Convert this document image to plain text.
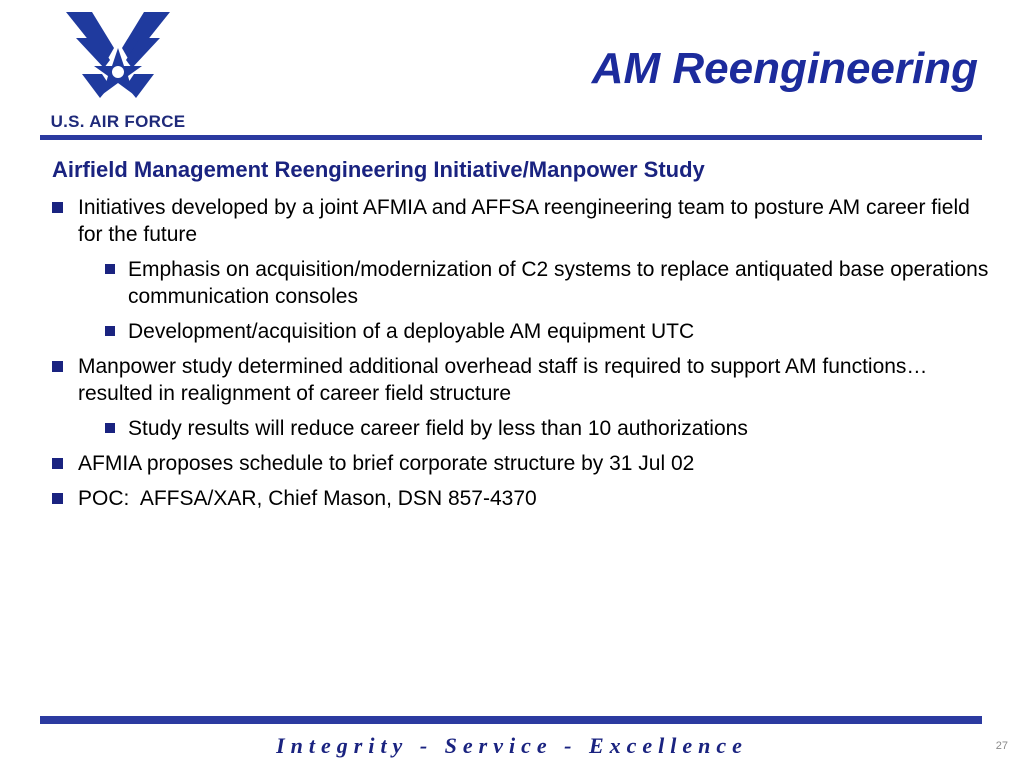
U.S. AIR FORCE
AM Reengineering
Airfield Management Reengineering Initiative/Manpower Study
Initiatives developed by a joint AFMIA and AFFSA reengineering team to posture AM career field for the future
Emphasis on acquisition/modernization of C2 systems to replace antiquated base operations communication consoles
Development/acquisition of a deployable AM equipment UTC
Manpower study determined additional overhead staff is required to support AM functions…resulted in realignment of career field structure
Study results will reduce career field by less than 10 authorizations
AFMIA proposes schedule to brief corporate structure by 31 Jul 02
POC:  AFFSA/XAR, Chief Mason, DSN 857-4370
Integrity - Service - Excellence	27
